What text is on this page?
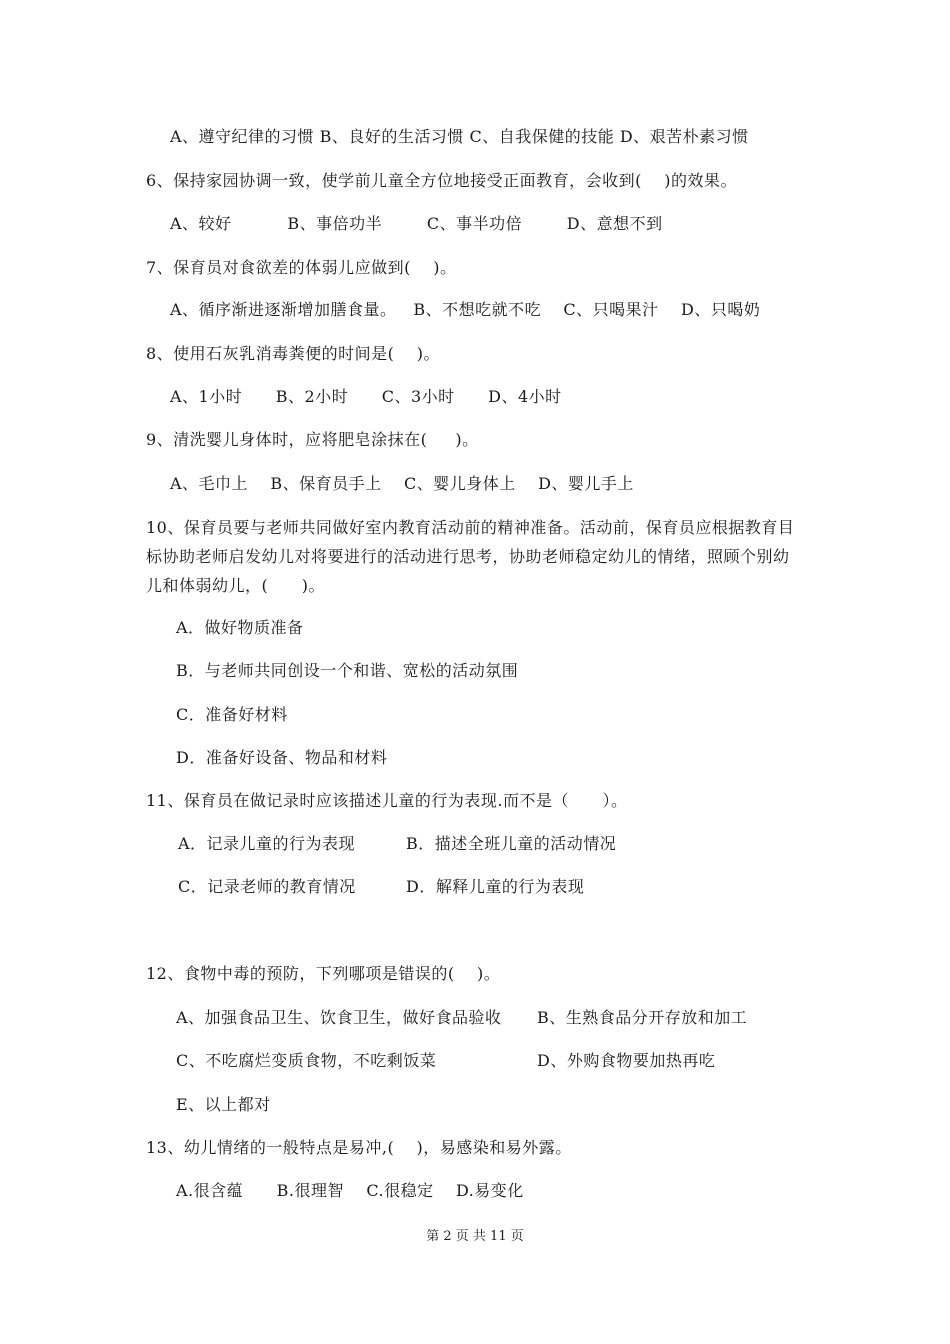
A、遵守纪律的习惯 B、良好的生活习惯 C、自我保健的技能 D、艰苦朴素习惯
6、保持家园协调一致，使学前儿童全方位地接受正面教育，会收到(    )的效果。
A、较好          B、事倍功半        C、事半功倍        D、意想不到
7、保育员对食欲差的体弱儿应做到(    )。
A、循序渐进逐渐增加膳食量。   B、不想吃就不吃    C、只喝果汁    D、只喝奶
8、使用石灰乳消毒粪便的时间是(    )。
A、1小时      B、2小时      C、3小时      D、4小时
9、清洗婴儿身体时，应将肥皂涂抹在(     )。
A、毛巾上    B、保育员手上    C、婴儿身体上    D、婴儿手上
10、保育员要与老师共同做好室内教育活动前的精神准备。活动前，保育员应根据教育目
标协助老师启发幼儿对将要进行的活动进行思考，协助老师稳定幼儿的情绪，照顾个别幼
儿和体弱幼儿，(      )。
A．做好物质准备
B．与老师共同创设一个和谐、宽松的活动氛围
C．准备好材料
D．准备好设备、物品和材料
11、保育员在做记录时应该描述儿童的行为表现.而不是（      ）。
A．记录儿童的行为表现	B．描述全班儿童的活动情况
C．记录老师的教育情况	D．解释儿童的行为表现
12、食物中毒的预防，下列哪项是错误的(    )。
A、加强食品卫生、饮食卫生，做好食品验收 B、生熟食品分开存放和加工
C、不吃腐烂变质食物，不吃剩饭菜	D、外购食物要加热再吃
E、以上都对
13、幼儿情绪的一般特点是易冲,(    )，易感染和易外露。
A.很含蕴      B.很理智    C.很稳定    D.易变化
第 2 页 共 11 页
